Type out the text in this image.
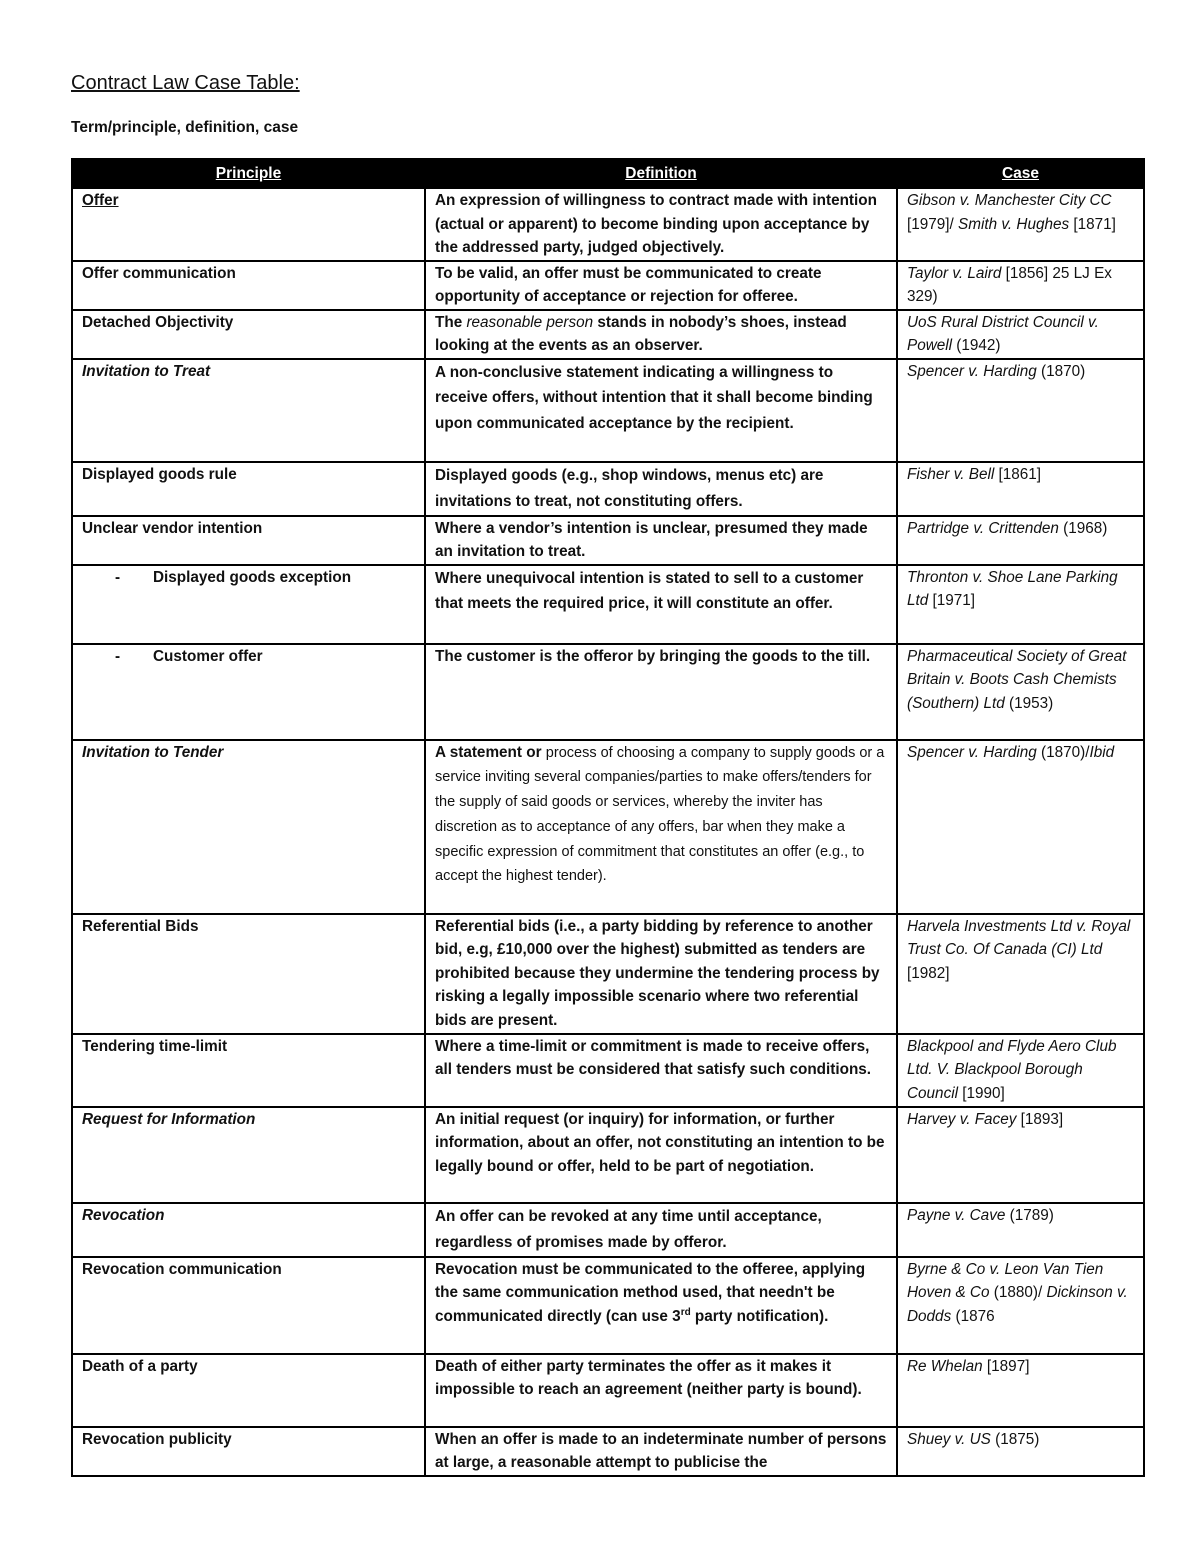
Contract Law Case Table:
Term/principle, definition, case
Principle	Definition	Case
Offer	An expression of willingness to contract made with intention (actual or apparent) to become binding upon acceptance by the addressed party, judged objectively.	Gibson v. Manchester City CC [1979]/ Smith v. Hughes [1871]
Offer communication	To be valid, an offer must be communicated to create opportunity of acceptance or rejection for offeree.	Taylor v. Laird [1856] 25 LJ Ex 329)
Detached Objectivity	The reasonable person stands in nobody’s shoes, instead looking at the events as an observer.	UoS Rural District Council v. Powell (1942)
Invitation to Treat	A non-conclusive statement indicating a willingness to receive offers, without intention that it shall become binding upon communicated acceptance by the recipient.	Spencer v. Harding (1870)
Displayed goods rule	Displayed goods (e.g., shop windows, menus etc) are invitations to treat, not constituting offers.	Fisher v. Bell [1861]
Unclear vendor intention	Where a vendor’s intention is unclear, presumed they made an invitation to treat.	Partridge v. Crittenden (1968)

- Displayed goods exception	Where unequivocal intention is stated to sell to a customer that meets the required price, it will constitute an offer.	Thronton v. Shoe Lane Parking Ltd [1971]

- Customer offer	The customer is the offeror by bringing the goods to the till.	Pharmaceutical Society of Great Britain v. Boots Cash Chemists (Southern) Ltd (1953)
Invitation to Tender	A statement or process of choosing a company to supply goods or a service inviting several companies/parties to make offers/tenders for the supply of said goods or services, whereby the inviter has discretion as to acceptance of any offers, bar when they make a specific expression of commitment that constitutes an offer (e.g., to accept the highest tender).	Spencer v. Harding (1870)/Ibid
Referential Bids	Referential bids (i.e., a party bidding by reference to another bid, e.g, £10,000 over the highest) submitted as tenders are prohibited because they undermine the tendering process by risking a legally impossible scenario where two referential bids are present.	Harvela Investments Ltd v. Royal Trust Co. Of Canada (CI) Ltd [1982]
Tendering time-limit	Where a time-limit or commitment is made to receive offers, all tenders must be considered that satisfy such conditions.	Blackpool and Flyde Aero Club Ltd. V. Blackpool Borough Council [1990]
Request for Information	An initial request (or inquiry) for information, or further information, about an offer, not constituting an intention to be legally bound or offer, held to be part of negotiation.	Harvey v. Facey [1893]
Revocation	An offer can be revoked at any time until acceptance, regardless of promises made by offeror.	Payne v. Cave (1789)
Revocation communication	Revocation must be communicated to the offeree, applying the same communication method used, that needn't be communicated directly (can use 3rd party notification).	Byrne & Co v. Leon Van Tien Hoven & Co (1880)/ Dickinson v. Dodds (1876
Death of a party	Death of either party terminates the offer as it makes it impossible to reach an agreement (neither party is bound).	Re Whelan [1897]
Revocation publicity	When an offer is made to an indeterminate number of persons at large, a reasonable attempt to publicise the	Shuey v. US (1875)
